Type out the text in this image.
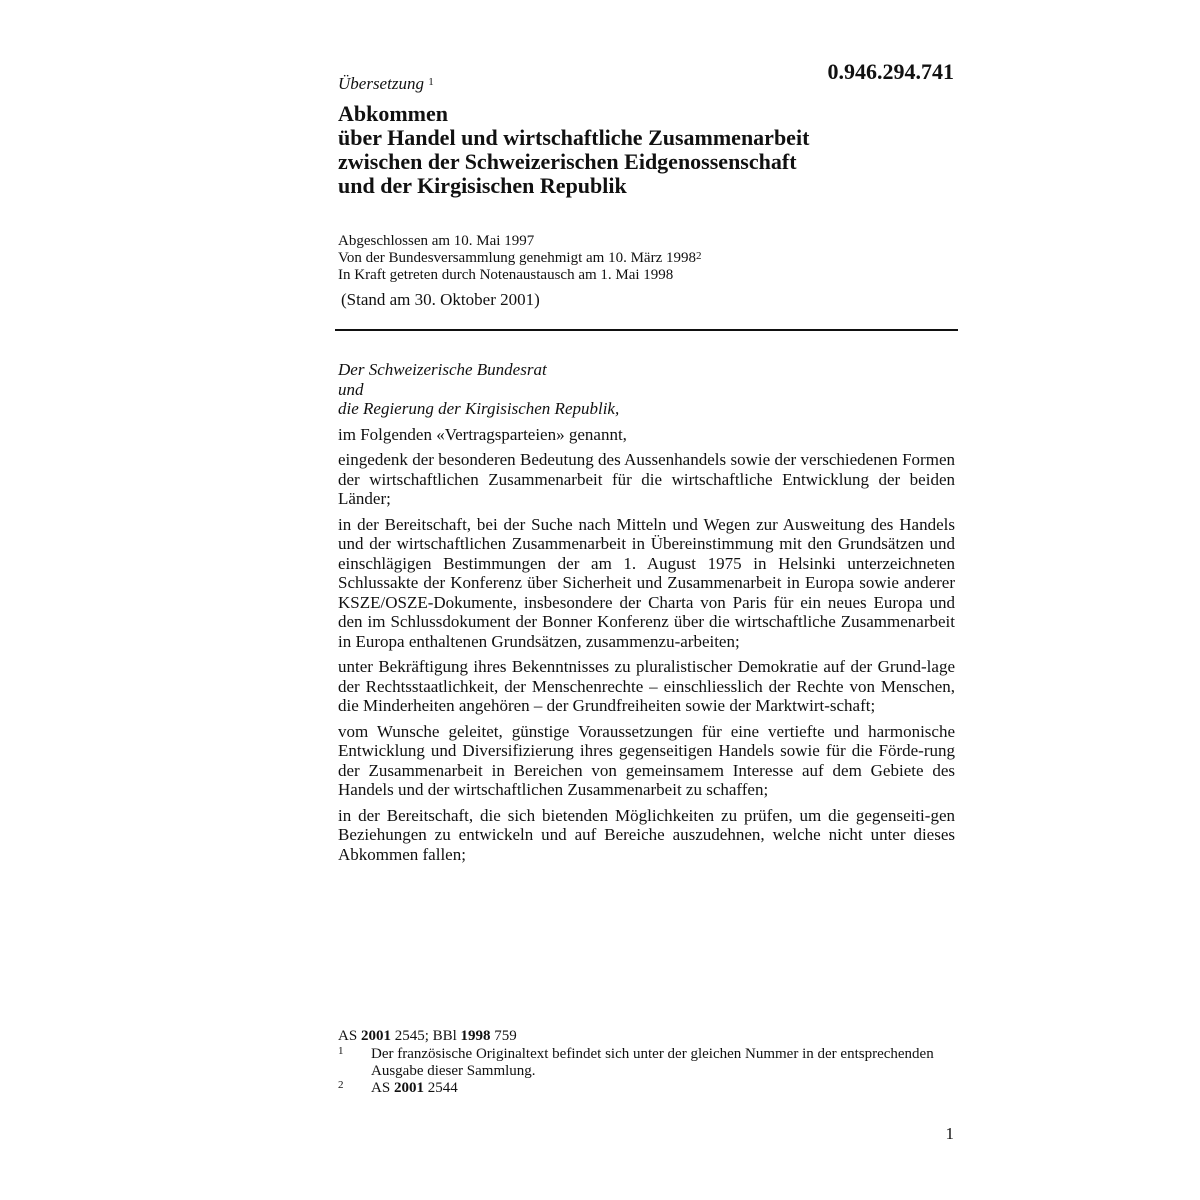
0.946.294.741
Übersetzung $^1$
Abkommen
über Handel und wirtschaftliche Zusammenarbeit
zwischen der Schweizerischen Eidgenossenschaft
und der Kirgisischen Republik
Abgeschlossen am 10. Mai 1997
Von der Bundesversammlung genehmigt am 10. März 1998$^2$
In Kraft getreten durch Notenaustausch am 1. Mai 1998
(Stand am 30. Oktober 2001)
Der Schweizerische Bundesrat
und
die Regierung der Kirgisischen Republik,

im Folgenden «Vertragsparteien» genannt,

eingedenk der besonderen Bedeutung des Aussenhandels sowie der verschiedenen Formen der wirtschaftlichen Zusammenarbeit für die wirtschaftliche Entwicklung der beiden Länder;

in der Bereitschaft, bei der Suche nach Mitteln und Wegen zur Ausweitung des Handels und der wirtschaftlichen Zusammenarbeit in Übereinstimmung mit den Grundsätzen und einschlägigen Bestimmungen der am 1. August 1975 in Helsinki unterzeichneten Schlussakte der Konferenz über Sicherheit und Zusammenarbeit in Europa sowie anderer KSZE/OSZE-Dokumente, insbesondere der Charta von Paris für ein neues Europa und den im Schlussdokument der Bonner Konferenz über die wirtschaftliche Zusammenarbeit in Europa enthaltenen Grundsätzen, zusammenzu-arbeiten;

unter Bekräftigung ihres Bekenntnisses zu pluralistischer Demokratie auf der Grund-lage der Rechtsstaatlichkeit, der Menschenrechte – einschliesslich der Rechte von Menschen, die Minderheiten angehören – der Grundfreiheiten sowie der Marktwirt-schaft;

vom Wunsche geleitet, günstige Voraussetzungen für eine vertiefte und harmonische Entwicklung und Diversifizierung ihres gegenseitigen Handels sowie für die Förde-rung der Zusammenarbeit in Bereichen von gemeinsamem Interesse auf dem Gebiete des Handels und der wirtschaftlichen Zusammenarbeit zu schaffen;

in der Bereitschaft, die sich bietenden Möglichkeiten zu prüfen, um die gegenseiti-gen Beziehungen zu entwickeln und auf Bereiche auszudehnen, welche nicht unter dieses Abkommen fallen;

AS 2001 2545; BBl 1998 759
1 Der französische Originaltext befindet sich unter der gleichen Nummer in der entsprechenden Ausgabe dieser Sammlung.
2 AS 2001 2544
1
